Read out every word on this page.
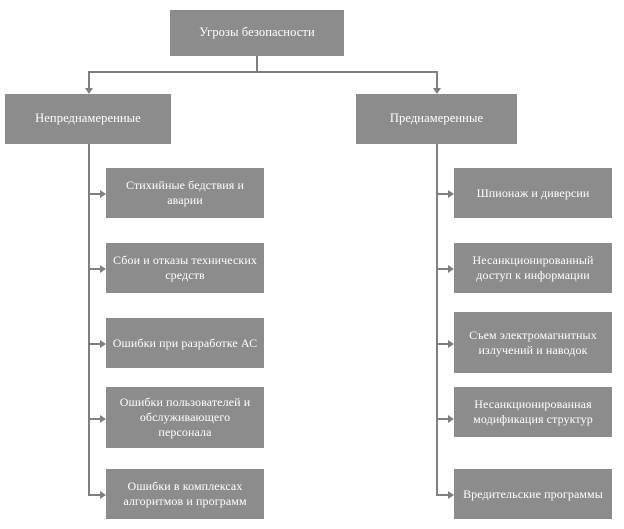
Угрозы безопасности
Непреднамеренные	Преднамеренные
Стихийные бедствия и аварии
Сбои и отказы технических средств
Ошибки при разработке АС
Ошибки пользователей и обслуживающего персонала
Ошибки в комплексах алгоритмов и программ
Шпионаж и диверсии
Несанкционированный доступ к информации
Съем электромагнитных излучений и наводок
Несанкционированная модификация структур
Вредительские программы
